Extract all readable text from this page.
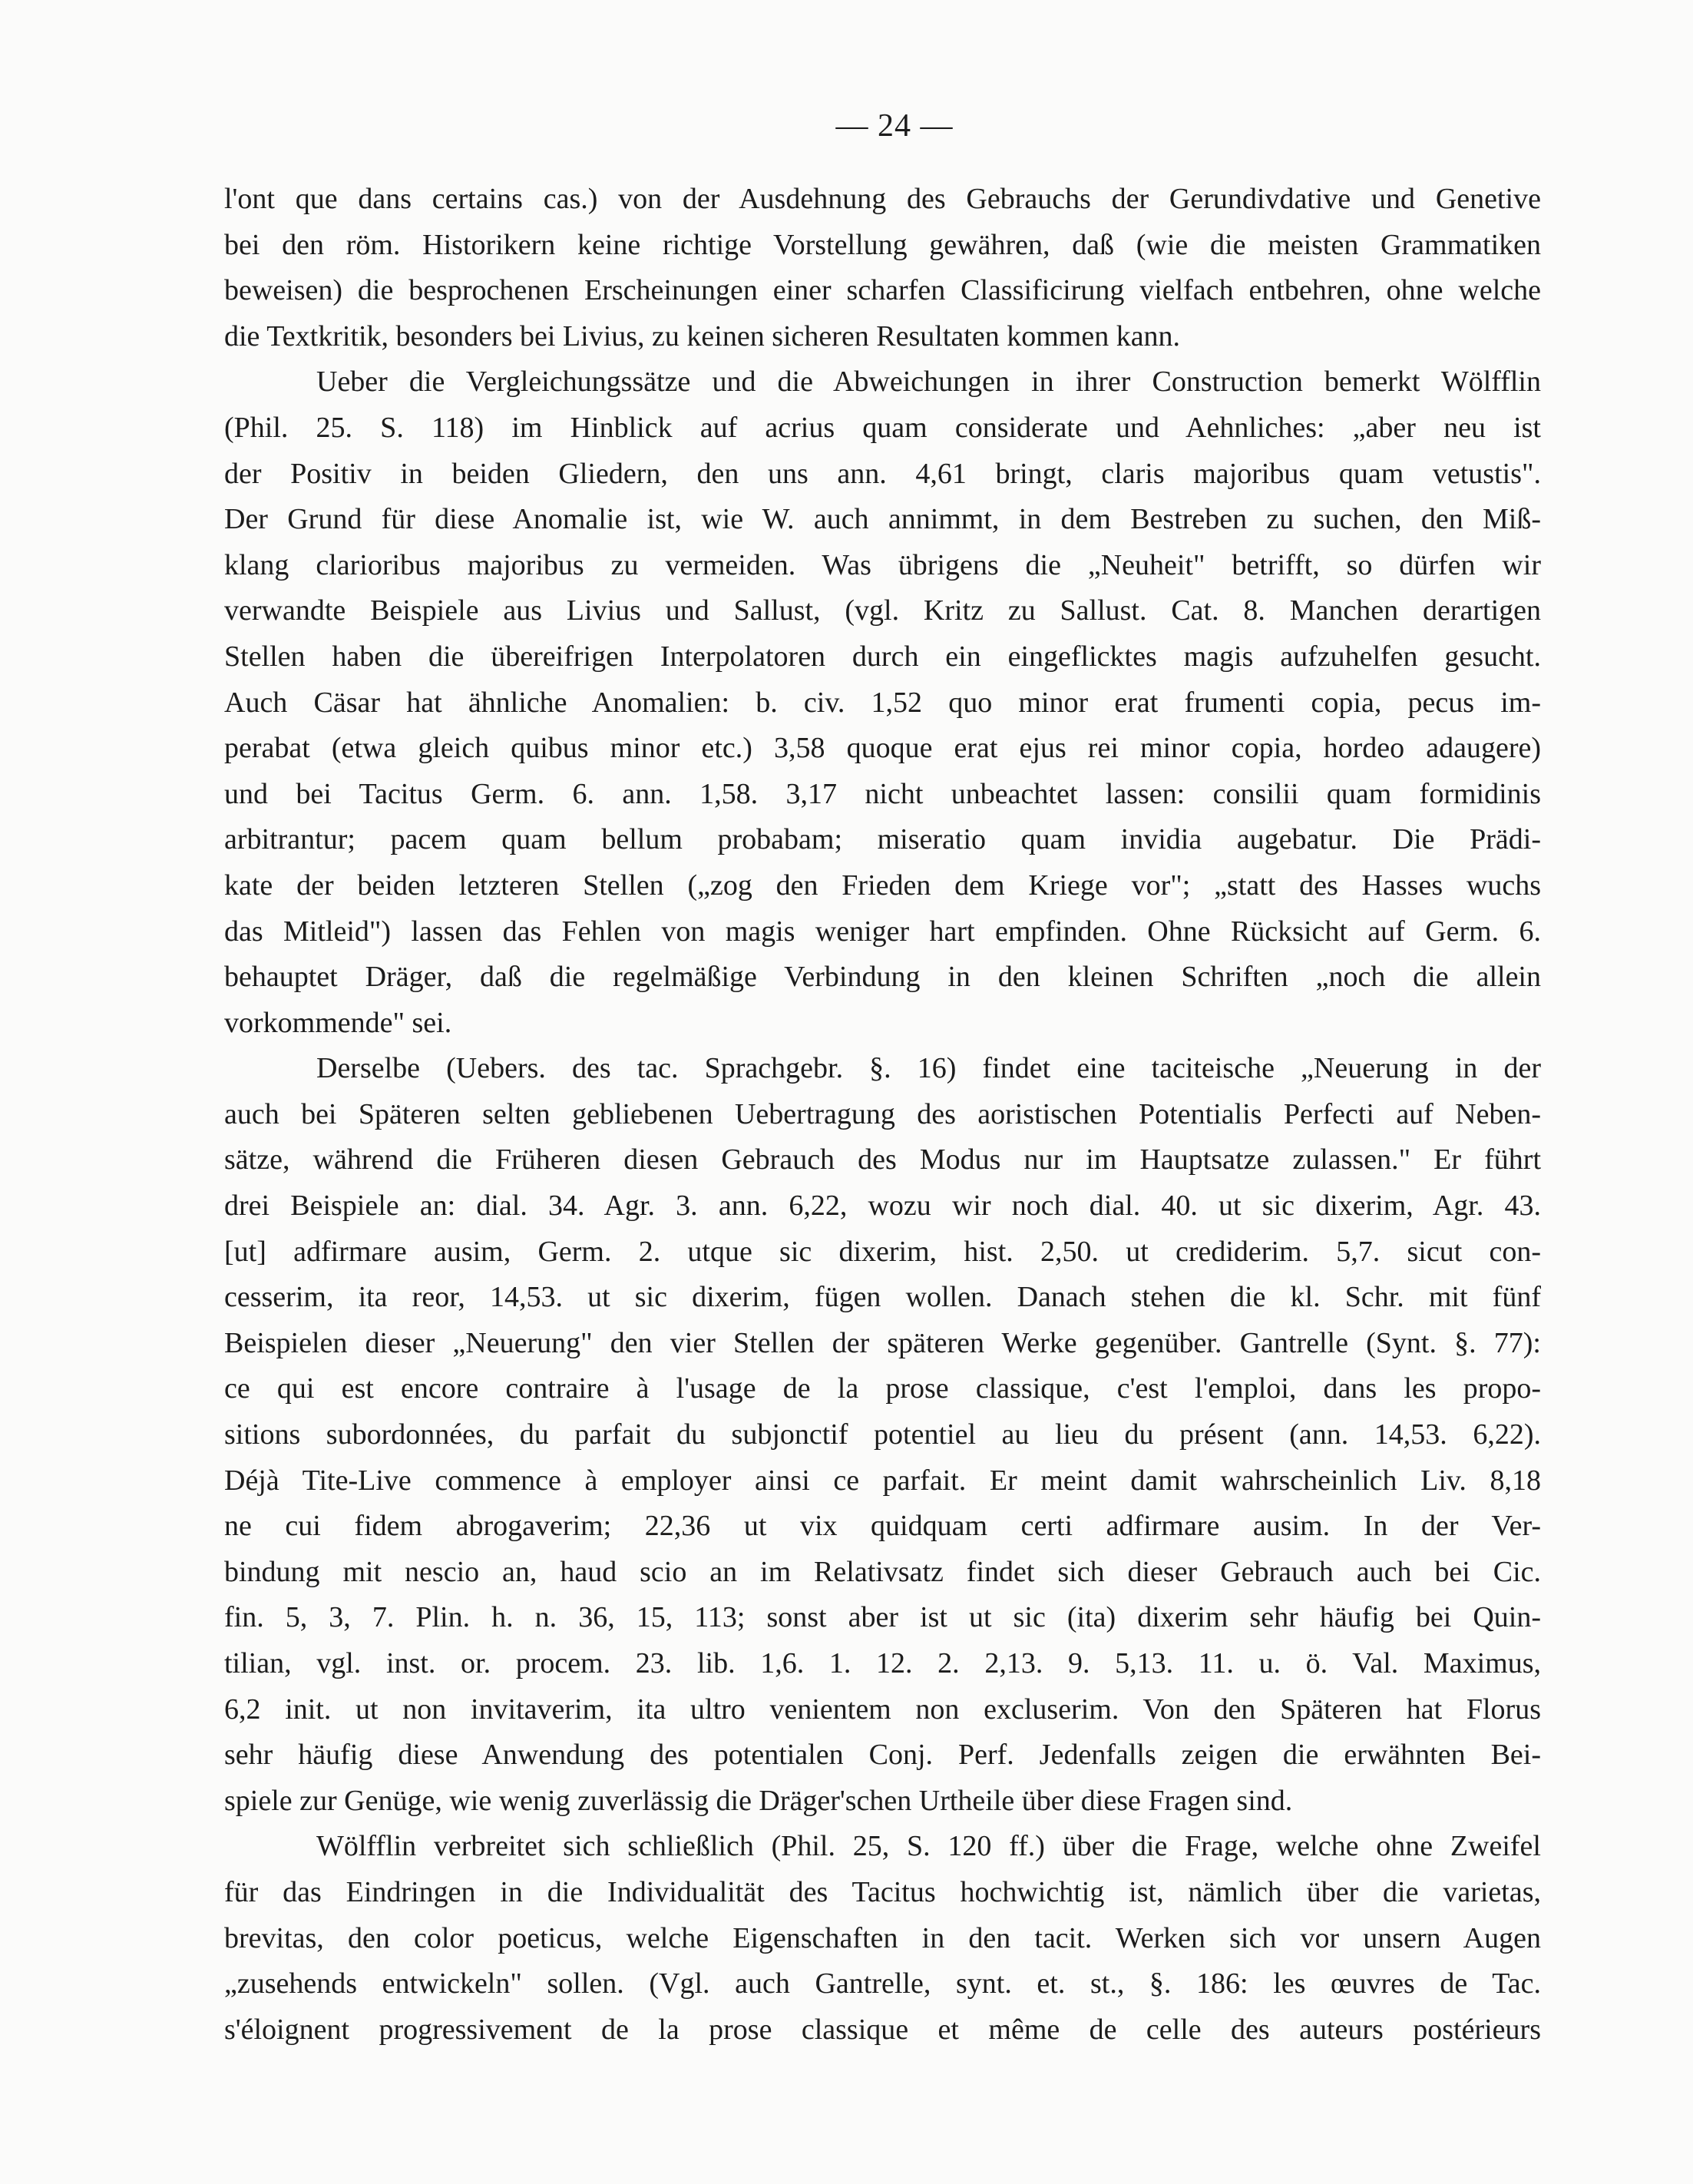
— 24 —
l'ont que dans certains cas.) von der Ausdehnung des Gebrauchs der Gerundivdative und Genetive
bei den röm. Historikern keine richtige Vorstellung gewähren, daß (wie die meisten Grammatiken
beweisen) die besprochenen Erscheinungen einer scharfen Classificirung vielfach entbehren, ohne welche
die Textkritik, besonders bei Livius, zu keinen sicheren Resultaten kommen kann.
Ueber die Vergleichungssätze und die Abweichungen in ihrer Construction bemerkt Wölfflin
(Phil. 25. S. 118) im Hinblick auf acrius quam considerate und Aehnliches: „aber neu ist
der Positiv in beiden Gliedern, den uns ann. 4,61 bringt, claris majoribus quam vetustis".
Der Grund für diese Anomalie ist, wie W. auch annimmt, in dem Bestreben zu suchen, den Miß-
klang clarioribus majoribus zu vermeiden. Was übrigens die „Neuheit" betrifft, so dürfen wir
verwandte Beispiele aus Livius und Sallust, (vgl. Kritz zu Sallust. Cat. 8. Manchen derartigen
Stellen haben die übereifrigen Interpolatoren durch ein eingeflicktes magis aufzuhelfen gesucht.
Auch Cäsar hat ähnliche Anomalien: b. civ. 1,52 quo minor erat frumenti copia, pecus im-
perabat (etwa gleich quibus minor etc.) 3,58 quoque erat ejus rei minor copia, hordeo adaugere)
und bei Tacitus Germ. 6. ann. 1,58. 3,17 nicht unbeachtet lassen: consilii quam formidinis
arbitrantur; pacem quam bellum probabam; miseratio quam invidia augebatur. Die Prädi-
kate der beiden letzteren Stellen („zog den Frieden dem Kriege vor"; „statt des Hasses wuchs
das Mitleid") lassen das Fehlen von magis weniger hart empfinden. Ohne Rücksicht auf Germ. 6.
behauptet Dräger, daß die regelmäßige Verbindung in den kleinen Schriften „noch die allein
vorkommende" sei.
Derselbe (Uebers. des tac. Sprachgebr. §. 16) findet eine taciteische „Neuerung in der
auch bei Späteren selten gebliebenen Uebertragung des aoristischen Potentialis Perfecti auf Neben-
sätze, während die Früheren diesen Gebrauch des Modus nur im Hauptsatze zulassen." Er führt
drei Beispiele an: dial. 34. Agr. 3. ann. 6,22, wozu wir noch dial. 40. ut sic dixerim, Agr. 43.
[ut] adfirmare ausim, Germ. 2. utque sic dixerim, hist. 2,50. ut crediderim. 5,7. sicut con-
cesserim, ita reor, 14,53. ut sic dixerim, fügen wollen. Danach stehen die kl. Schr. mit fünf
Beispielen dieser „Neuerung" den vier Stellen der späteren Werke gegenüber. Gantrelle (Synt. §. 77):
ce qui est encore contraire à l'usage de la prose classique, c'est l'emploi, dans les propo-
sitions subordonnées, du parfait du subjonctif potentiel au lieu du présent (ann. 14,53. 6,22).
Déjà Tite-Live commence à employer ainsi ce parfait. Er meint damit wahrscheinlich Liv. 8,18
ne cui fidem abrogaverim; 22,36 ut vix quidquam certi adfirmare ausim. In der Ver-
bindung mit nescio an, haud scio an im Relativsatz findet sich dieser Gebrauch auch bei Cic.
fin. 5, 3, 7. Plin. h. n. 36, 15, 113; sonst aber ist ut sic (ita) dixerim sehr häufig bei Quin-
tilian, vgl. inst. or. procem. 23. lib. 1,6. 1. 12. 2. 2,13. 9. 5,13. 11. u. ö. Val. Maximus,
6,2 init. ut non invitaverim, ita ultro venientem non excluserim. Von den Späteren hat Florus
sehr häufig diese Anwendung des potentialen Conj. Perf. Jedenfalls zeigen die erwähnten Bei-
spiele zur Genüge, wie wenig zuverlässig die Dräger'schen Urtheile über diese Fragen sind.
Wölfflin verbreitet sich schließlich (Phil. 25, S. 120 ff.) über die Frage, welche ohne Zweifel
für das Eindringen in die Individualität des Tacitus hochwichtig ist, nämlich über die varietas,
brevitas, den color poeticus, welche Eigenschaften in den tacit. Werken sich vor unsern Augen
„zusehends entwickeln" sollen. (Vgl. auch Gantrelle, synt. et. st., §. 186: les œuvres de Tac.
s'éloignent progressivement de la prose classique et même de celle des auteurs postérieurs
